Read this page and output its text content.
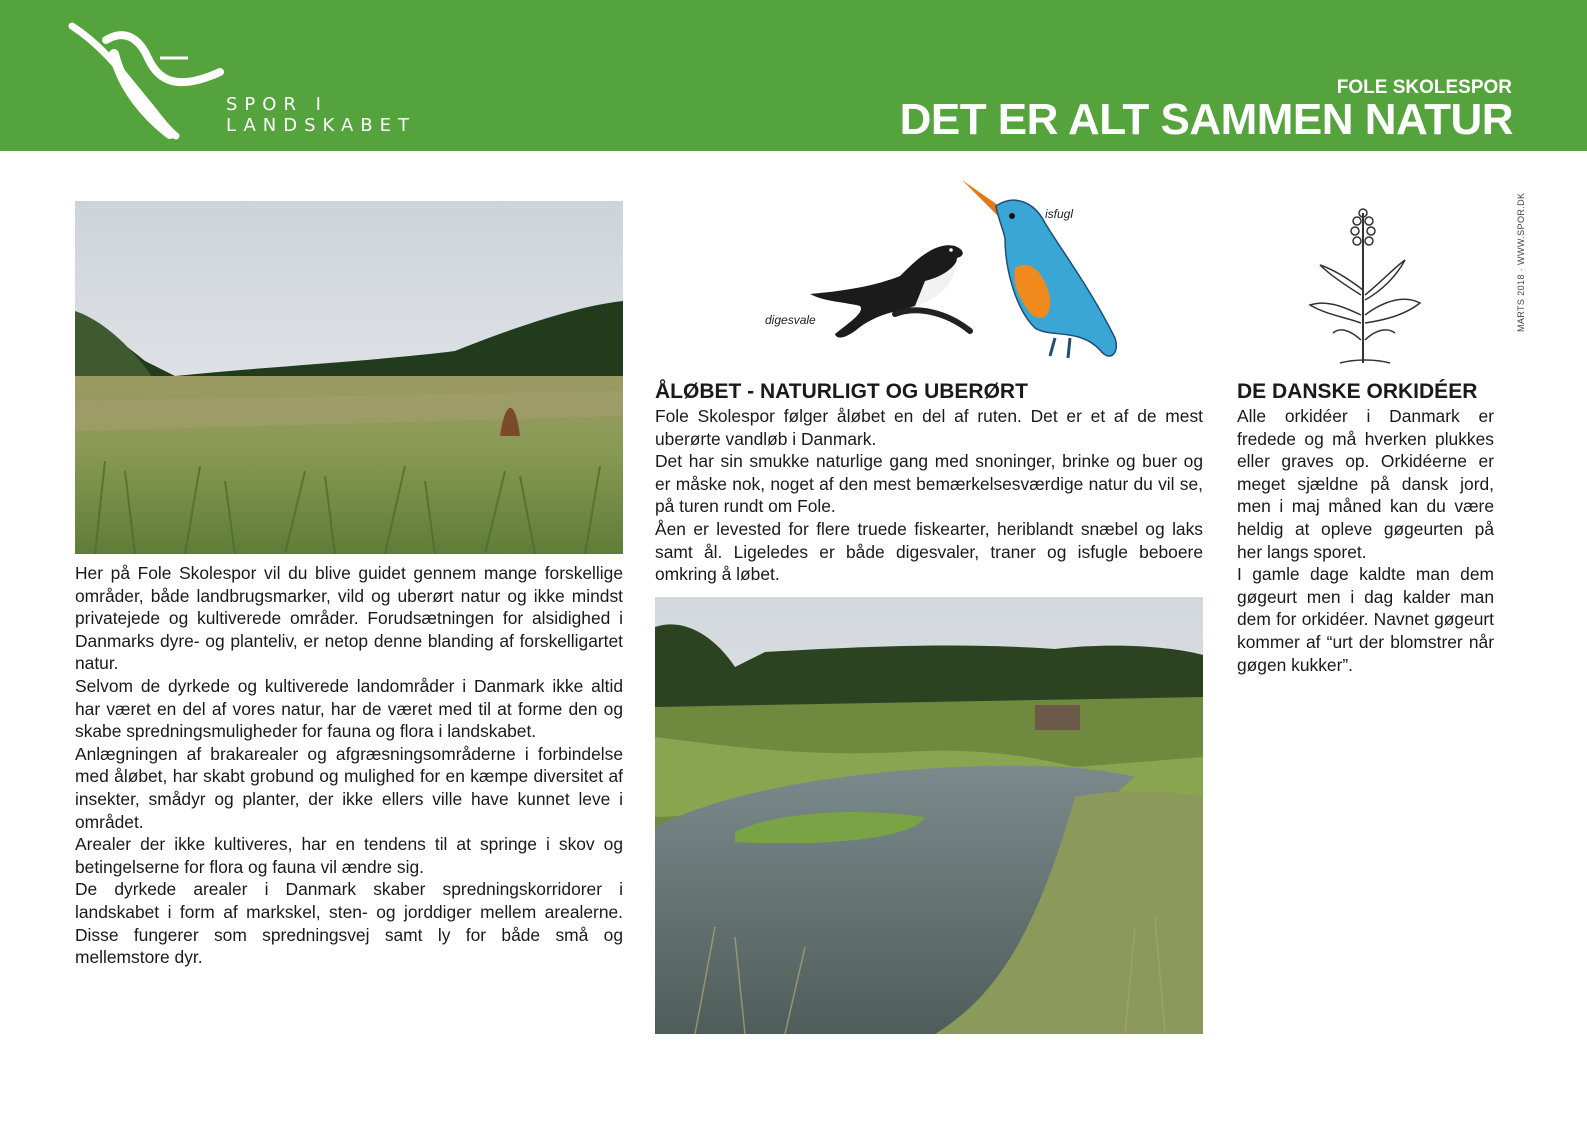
SPOR I
LANDSKABET
FOLE SKOLESPOR
DET ER ALT SAMMEN NATUR

Her på Fole Skolespor vil du blive guidet gennem mange forskellige områder, både landbrugsmarker, vild og uberørt natur og ikke mindst privatejede og kultiverede områder. Forudsætningen for alsidighed i Danmarks dyre- og planteliv, er netop denne blanding af forskelligartet natur.

Selvom de dyrkede og kultiverede landområder i Danmark ikke altid har været en del af vores natur, har de været med til at forme den og skabe spredningsmuligheder for fauna og flora i landskabet.

Anlægningen af brakarealer og afgræsningsområderne i forbindelse med åløbet, har skabt grobund og mulighed for en kæmpe diversitet af insekter, smådyr og planter, der ikke ellers ville have kunnet leve i området.

Arealer der ikke kultiveres, har en tendens til at springe i skov og betingelserne for flora og fauna vil ændre sig.

De dyrkede arealer i Danmark skaber spredningskorridorer i landskabet i form af markskel, sten- og jorddiger mellem arealerne. Disse fungerer som spredningsvej samt ly for både små og mellemstore dyr.

digesvale
isfugl
ÅLØBET - NATURLIGT OG UBERØRT

Fole Skolespor følger åløbet en del af ruten. Det er et af de mest uberørte vandløb i Danmark.

Det har sin smukke naturlige gang med snoninger, brinke og buer og er måske nok, noget af den mest bemærkelsesværdige natur du vil se, på turen rundt om Fole.

Åen er levested for flere truede fiskearter, heriblandt snæbel og laks samt ål. Ligeledes er både digesvaler, traner og isfugle beboere omkring å løbet.

DE DANSKE ORKIDÉER

Alle orkidéer i Danmark er fredede og må hverken plukkes eller graves op. Orkidéerne er meget sjældne på dansk jord, men i maj måned kan du være heldig at opleve gøgeurten på her langs sporet.

I gamle dage kaldte man dem gøgeurt men i dag kalder man dem for orkidéer. Navnet gøgeurt kommer af “urt der blomstrer når gøgen kukker”.

MARTS 2018 · WWW.SPOR.DK
